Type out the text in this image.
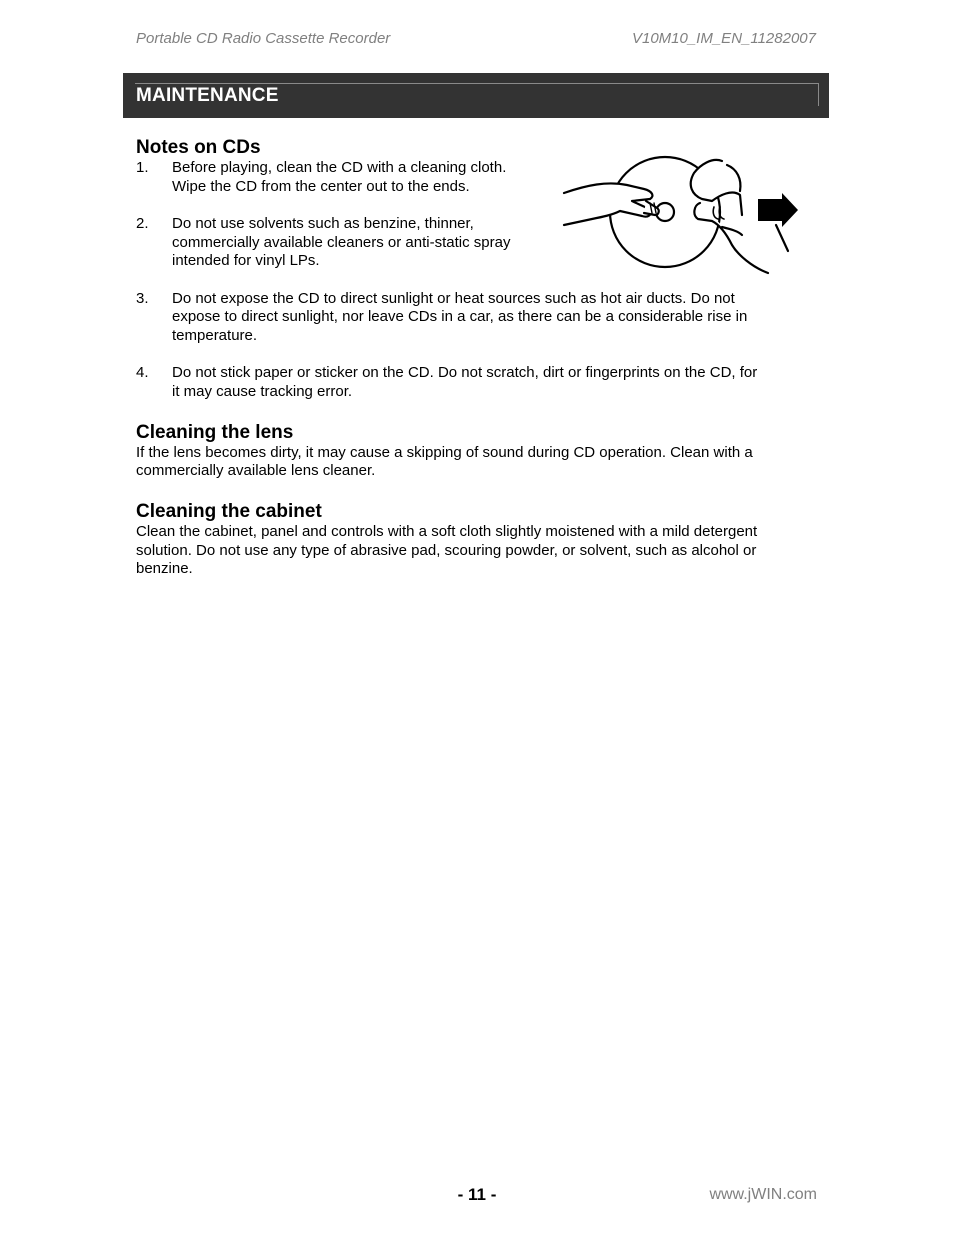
Portable CD Radio Cassette Recorder	V10M10_IM_EN_11282007
MAINTENANCE
Notes on CDs
1. Before playing, clean the CD with a cleaning cloth.
Wipe the CD from the center out to the ends.
2. Do not use solvents such as benzine, thinner,
commercially available cleaners or anti-static spray
intended for vinyl LPs.
3. Do not expose the CD to direct sunlight or heat sources such as hot air ducts. Do not
expose to direct sunlight, nor leave CDs in a car, as there can be a considerable rise in
temperature.
4. Do not stick paper or sticker on the CD. Do not scratch, dirt or fingerprints on the CD, for
it may cause tracking error.
Cleaning the lens

If the lens becomes dirty, it may cause a skipping of sound during CD operation. Clean with a
commercially available lens cleaner.

Cleaning the cabinet

Clean the cabinet, panel and controls with a soft cloth slightly moistened with a mild detergent
solution. Do not use any type of abrasive pad, scouring powder, or solvent, such as alcohol or
benzine.

- 11 -	www.jWIN.com
